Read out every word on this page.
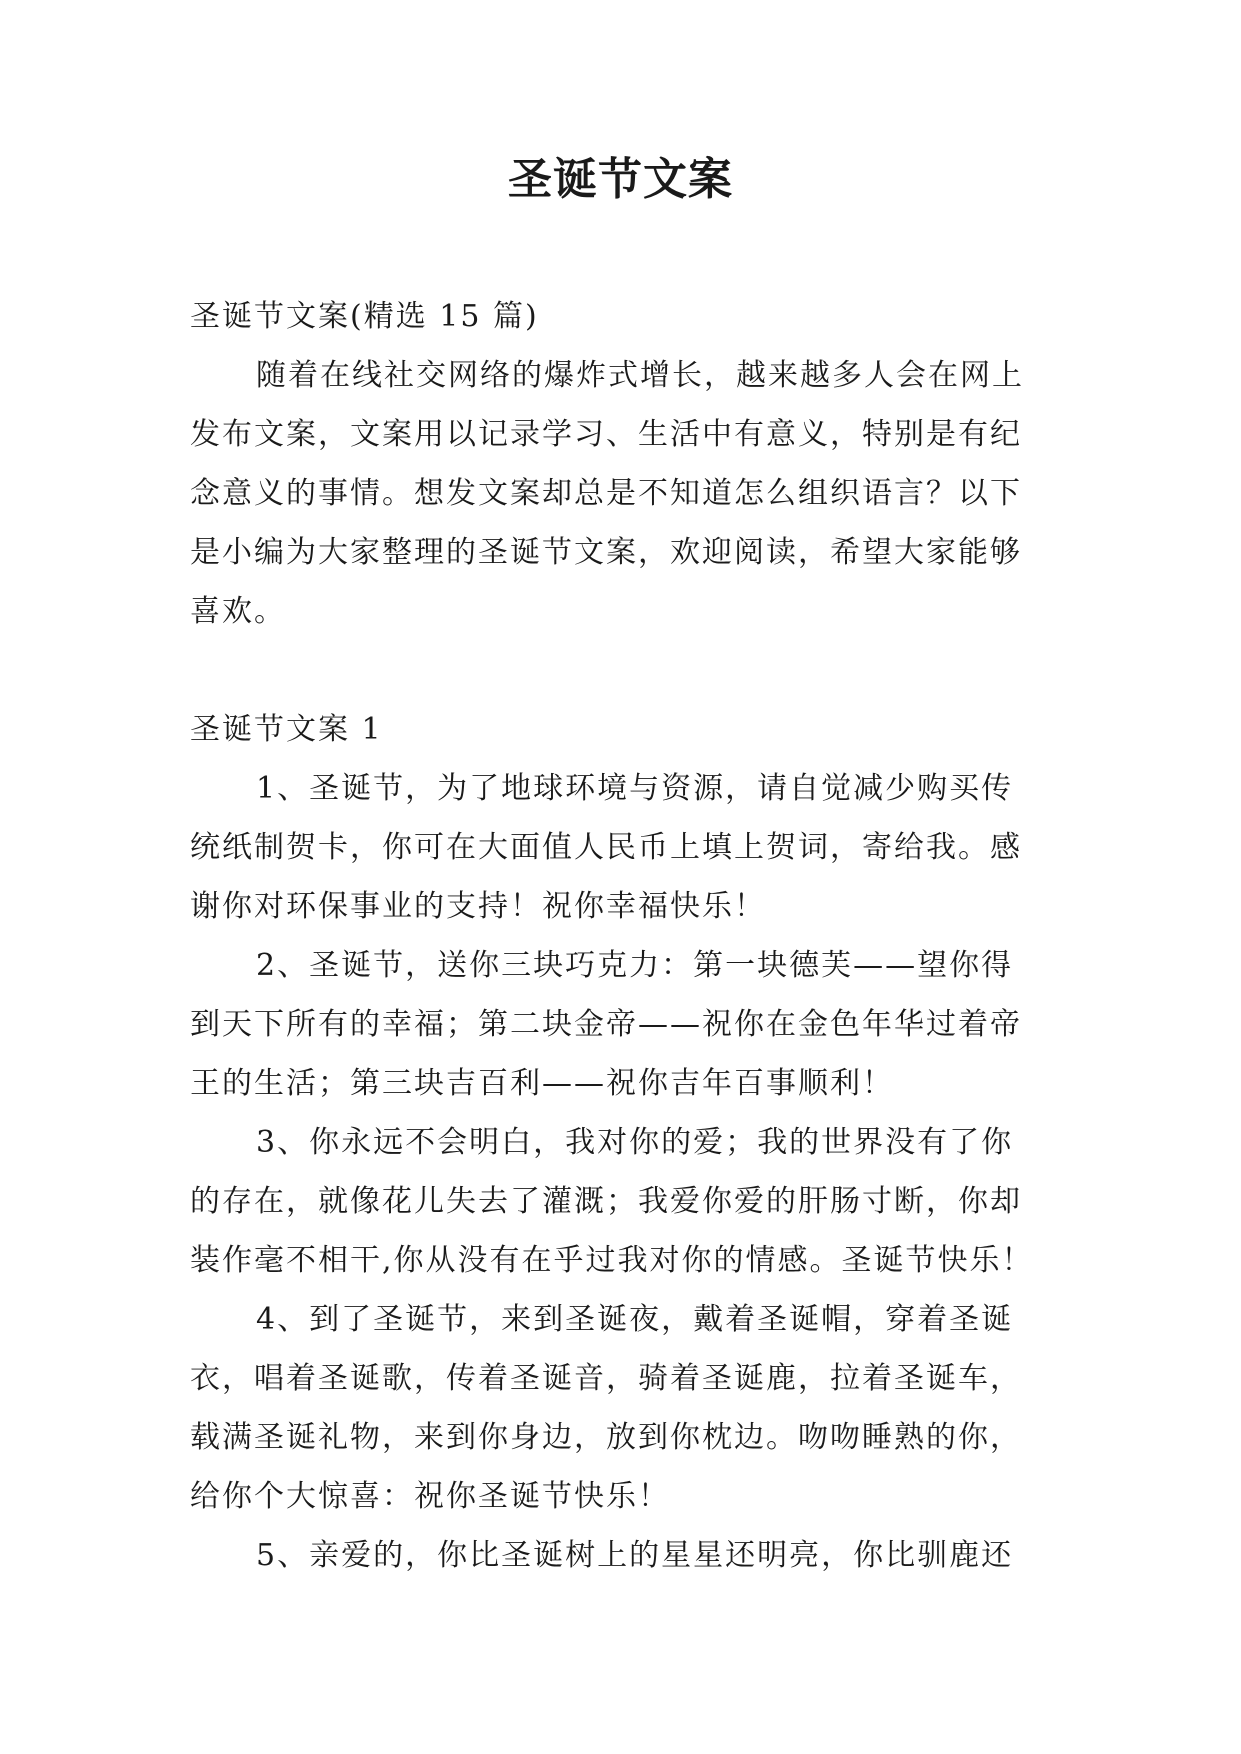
圣诞节文案
圣诞节文案(精选 15 篇)
随着在线社交网络的爆炸式增长，越来越多人会在网上
发布文案，文案用以记录学习、生活中有意义，特别是有纪
念意义的事情。想发文案却总是不知道怎么组织语言？以下
是小编为大家整理的圣诞节文案，欢迎阅读，希望大家能够
喜欢。
圣诞节文案 1
1、圣诞节，为了地球环境与资源，请自觉减少购买传
统纸制贺卡，你可在大面值人民币上填上贺词，寄给我。感
谢你对环保事业的支持！祝你幸福快乐！
2、圣诞节，送你三块巧克力：第一块德芙——望你得
到天下所有的幸福；第二块金帝——祝你在金色年华过着帝
王的生活；第三块吉百利——祝你吉年百事顺利！
3、你永远不会明白，我对你的爱；我的世界没有了你
的存在，就像花儿失去了灌溉；我爱你爱的肝肠寸断，你却
装作毫不相干,你从没有在乎过我对你的情感。圣诞节快乐！
4、到了圣诞节，来到圣诞夜，戴着圣诞帽，穿着圣诞
衣，唱着圣诞歌，传着圣诞音，骑着圣诞鹿，拉着圣诞车，
载满圣诞礼物，来到你身边，放到你枕边。吻吻睡熟的你，
给你个大惊喜：祝你圣诞节快乐！
5、亲爱的，你比圣诞树上的星星还明亮，你比驯鹿还
